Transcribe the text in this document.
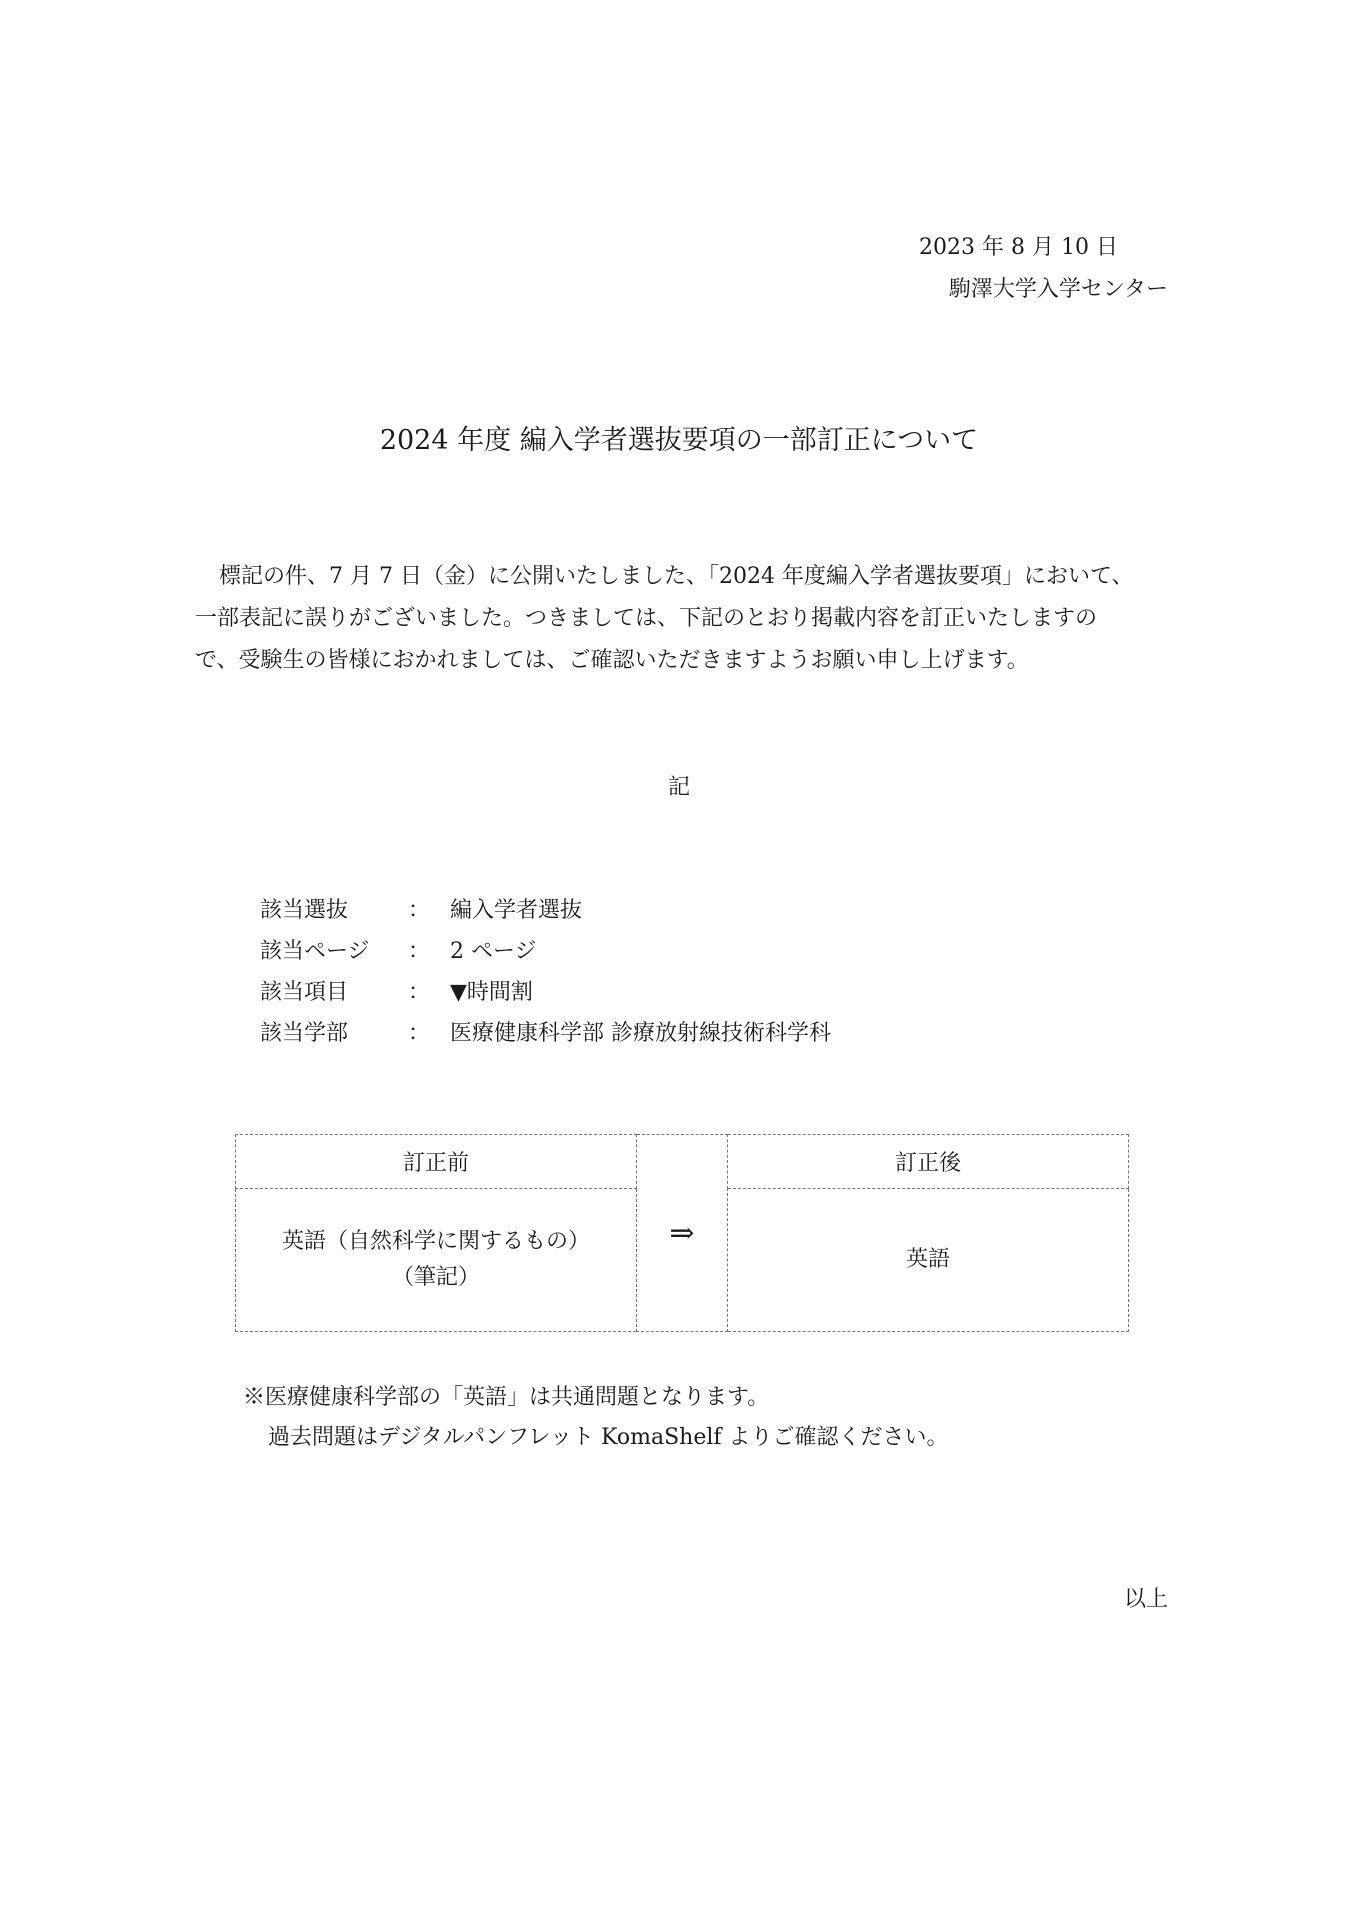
2023 年 8 月 10 日
駒澤大学入学センター
2024 年度 編入学者選抜要項の一部訂正について

標記の件、7 月 7 日（金）に公開いたしました、「2024 年度編入学者選抜要項」において、

一部表記に誤りがございました。つきましては、下記のとおり掲載内容を訂正いたしますの

で、受験生の皆様におかれましては、ご確認いただきますようお願い申し上げます。

記
該当選抜	： 編入学者選抜
該当ページ	： 2 ページ
該当項目	： ▼時間割
該当学部	： 医療健康科学部 診療放射線技術科学科
訂正前	⇒	訂正後

英語（自然科学に関するもの）
（筆記）		英語
※医療健康科学部の「英語」は共通問題となります。
過去問題はデジタルパンフレット KomaShelf よりご確認ください。
以上
